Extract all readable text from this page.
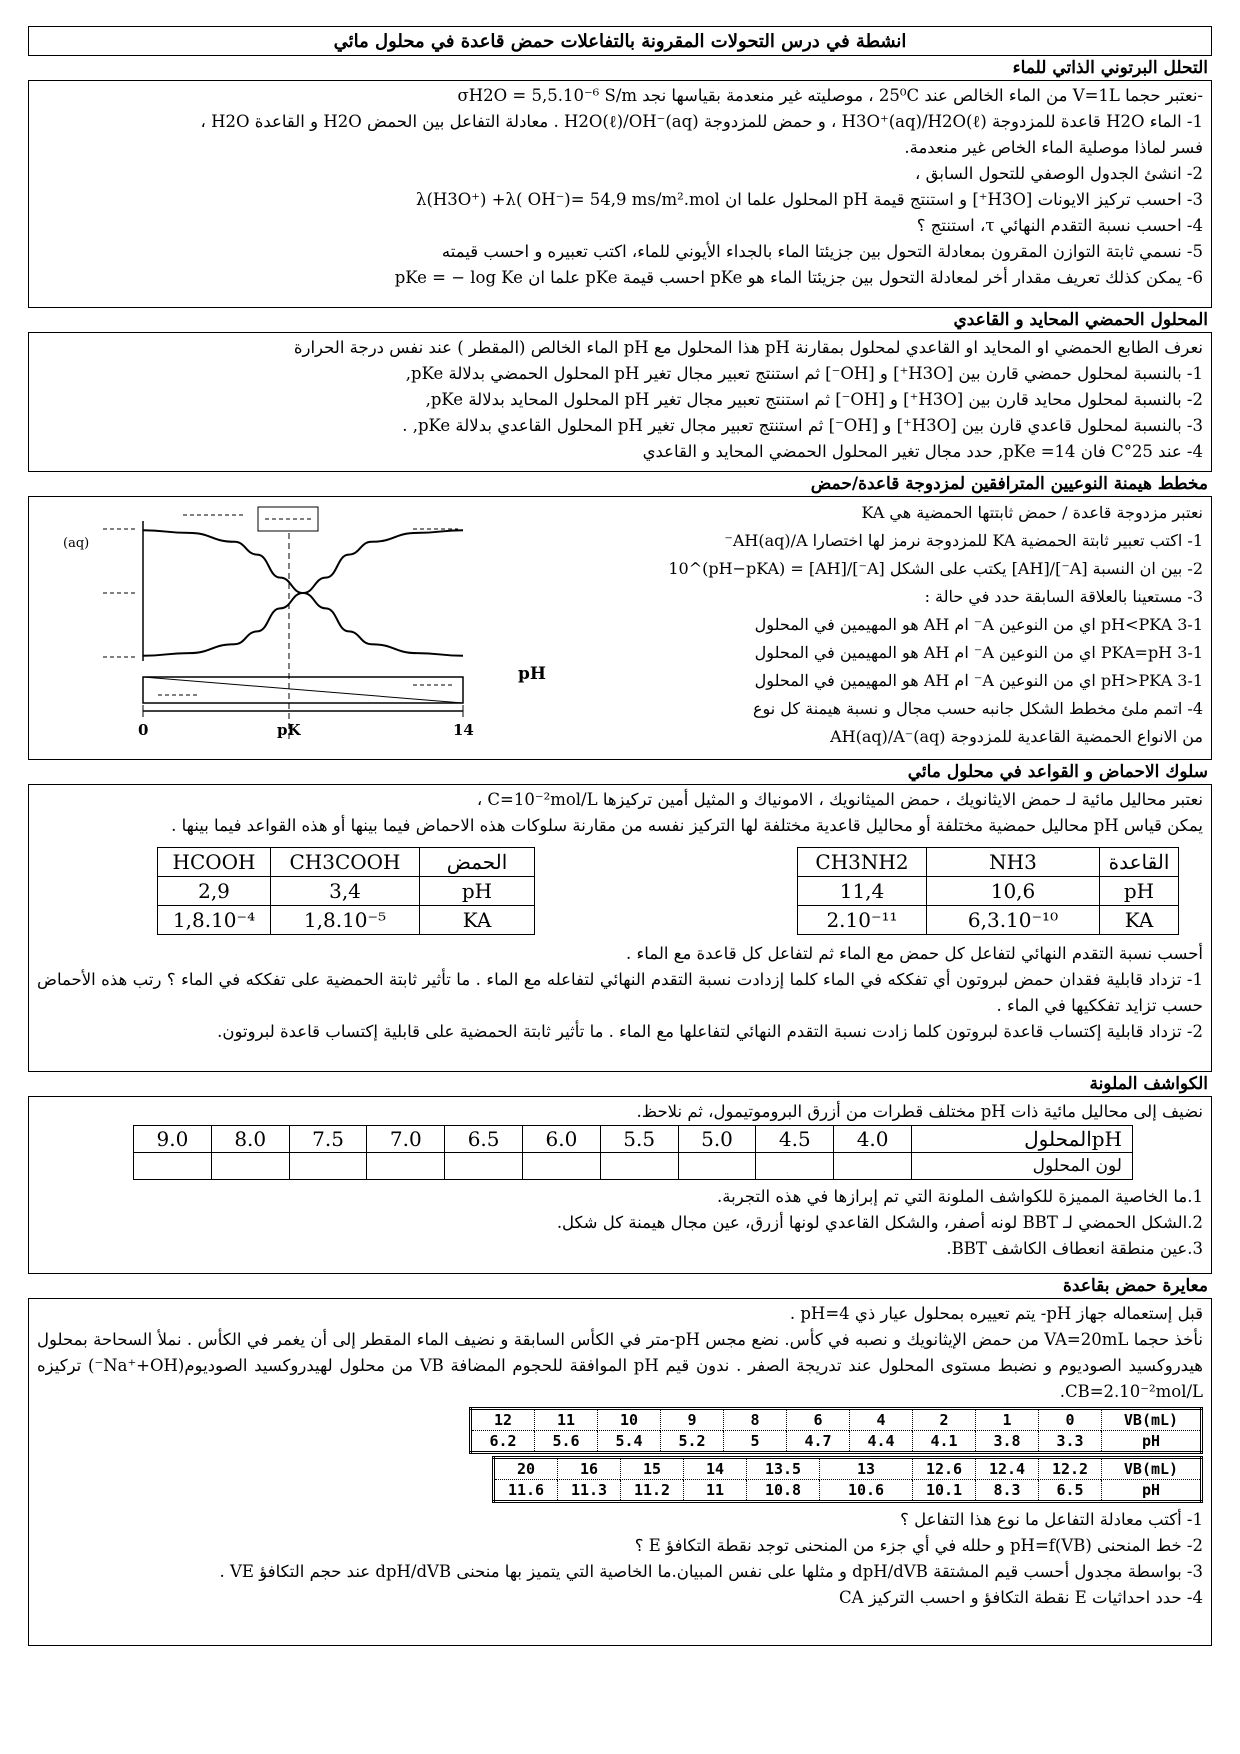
انشطة في درس التحولات المقرونة بالتفاعلات حمض قاعدة في محلول مائي
التحلل البرتوني الذاتي للماء

-نعتبر حجما V=1L من الماء الخالص عند 25⁰C ، موصليته غير منعدمة بقياسها نجد σH2O = 5,5.10⁻⁶ S/m

1- الماء H2O قاعدة للمزدوجة H3O⁺(aq)/H2O(ℓ) ، و حمض للمزدوجة H2O(ℓ)/OH⁻(aq) . معادلة التفاعل بين الحمض H2O و القاعدة H2O ،

فسر لماذا موصلية الماء الخاص غير منعدمة.

2- انشئ الجدول الوصفي للتحول السابق ،

3- احسب تركيز الايونات [H3O⁺] و استنتج قيمة pH المحلول علما ان λ(H3O⁺) +λ( OH⁻)= 54,9 ms/m².mol

4- احسب نسبة التقدم النهائي τ، استنتج ؟

5- نسمي ثابتة التوازن المقرون بمعادلة التحول بين جزيئتا الماء بالجداء الأيوني للماء، اكتب تعبيره و احسب قيمته

6- يمكن كذلك تعريف مقدار أخر لمعادلة التحول بين جزيئتا الماء هو pKe احسب قيمة pKe علما ان pKe = − log Ke

المحلول الحمضي المحايد و القاعدي

نعرف الطابع الحمضي او المحايد او القاعدي لمحلول بمقارنة pH هذا المحلول مع pH الماء الخالص (المقطر ) عند نفس درجة الحرارة

1- بالنسبة لمحلول حمضي قارن بين [H3O⁺] و [OH⁻] ثم استنتج تعبير مجال تغير pH المحلول الحمضي بدلالة pKe,

2- بالنسبة لمحلول محايد قارن بين [H3O⁺] و [OH⁻] ثم استنتج تعبير مجال تغير pH المحلول المحايد بدلالة pKe,

3- بالنسبة لمحلول قاعدي قارن بين [H3O⁺] و [OH⁻] ثم استنتج تعبير مجال تغير pH المحلول القاعدي بدلالة pKe, .

4- عند 25°C فان pKe =14, حدد مجال تغير المحلول الحمضي المحايد و القاعدي

مخطط هيمنة النوعيين المترافقين لمزدوجة قاعدة/حمض

نعتبر مزدوجة قاعدة / حمض ثابتتها الحمضية هي KA

1- اكتب تعبير ثابتة الحمضية KA للمزدوجة نرمز لها اختصارا AH(aq)/A⁻

2- بين ان النسبة [A⁻]/[AH] يكتب على الشكل [A⁻]/[AH] = 10^(pH−pKA)

3- مستعينا بالعلاقة السابقة حدد في حالة :

3-1 pH<PKA اي من النوعين A⁻ ام AH هو المهيمين في المحلول

3-1 PKA=pH اي من النوعين A⁻ ام AH هو المهيمين في المحلول

3-1 pH>PKA اي من النوعين A⁻ ام AH هو المهيمين في المحلول

4- اتمم ملئ مخطط الشكل جانبه حسب مجال و نسبة هيمنة كل نوع

من الانواع الحمضية القاعدية للمزدوجة AH(aq)/A⁻(aq)

(aq)
pH
0	pK	14
سلوك الاحماض و القواعد في محلول مائي

نعتبر محاليل مائية لـ حمض الايثانويك ، حمض الميثانويك ، الامونياك و المثيل أمين تركيزها C=10⁻²mol/L ،

يمكن قياس pH محاليل حمضية مختلفة أو محاليل قاعدية مختلفة لها التركيز نفسه من مقارنة سلوكات هذه الاحماض فيما بينها أو هذه القواعد فيما بينها .

القاعدة	NH3	CH3NH2
pH	10,6	11,4
KA	6,3.10⁻¹⁰	2.10⁻¹¹
الحمض	CH3COOH	HCOOH
pH	3,4	2,9
KA	1,8.10⁻⁵	1,8.10⁻⁴

أحسب نسبة التقدم النهائي لتفاعل كل حمض مع الماء ثم لتفاعل كل قاعدة مع الماء .

1- تزداد قابلية فقدان حمض لبروتون أي تفككه في الماء كلما إزدادت نسبة التقدم النهائي لتفاعله مع الماء . ما تأثير ثابتة الحمضية على تفككه في الماء ؟ رتب هذه الأحماض حسب تزايد تفككيها في الماء .

2- تزداد قابلية إكتساب قاعدة لبروتون كلما زادت نسبة التقدم النهائي لتفاعلها مع الماء . ما تأثير ثابتة الحمضية على قابلية إكتساب قاعدة لبروتون.

الكواشف الملونة

نضيف إلى محاليل مائية ذات pH مختلف قطرات من أزرق البروموتيمول، ثم نلاحظ.

pHالمحلول	4.0	4.5	5.0	5.5	6.0	6.5	7.0	7.5	8.0	9.0
لون المحلول										

1.ما الخاصية المميزة للكواشف الملونة التي تم إبرازها في هذه التجربة.

2.الشكل الحمضي لـ BBT لونه أصفر، والشكل القاعدي لونها أزرق، عين مجال هيمنة كل شكل.

3.عين منطقة انعطاف الكاشف BBT.

معايرة حمض بقاعدة

قبل إستعماله جهاز pH- يتم تعييره بمحلول عيار ذي pH=4 .

نأخذ حجما VA=20mL من حمض الإيثانويك و نصبه في كأس. نضع مجس pH-متر في الكأس السابقة و نضيف الماء المقطر إلى أن يغمر في الكأس . نملأ السحاحة بمحلول هيدروكسيد الصوديوم و نضبط مستوى المحلول عند تدريجة الصفر . ندون قيم pH الموافقة للحجوم المضافة VB من محلول لهيدروكسيد الصوديوم(Na⁺+OH⁻) تركيزه CB=2.10⁻²mol/L.

VB(mL)	0	1	2	4	6	8	9	10	11	12
pH	3.3	3.8	4.1	4.4	4.7	5	5.2	5.4	5.6	6.2
VB(mL)	12.2	12.4	12.6	13	13.5	14	15	16	20
pH	6.5	8.3	10.1	10.6	10.8	11	11.2	11.3	11.6

1- أكتب معادلة التفاعل ما نوع هذا التفاعل ؟

2- خط المنحنى pH=f(VB) و حلله في أي جزء من المنحنى توجد نقطة التكافؤ E ؟

3- بواسطة مجدول أحسب قيم المشتقة dpH/dVB و مثلها على نفس المبيان.ما الخاصية التي يتميز بها منحنى dpH/dVB عند حجم التكافؤ VE .

4- حدد احداثيات E نقطة التكافؤ و احسب التركيز CA
